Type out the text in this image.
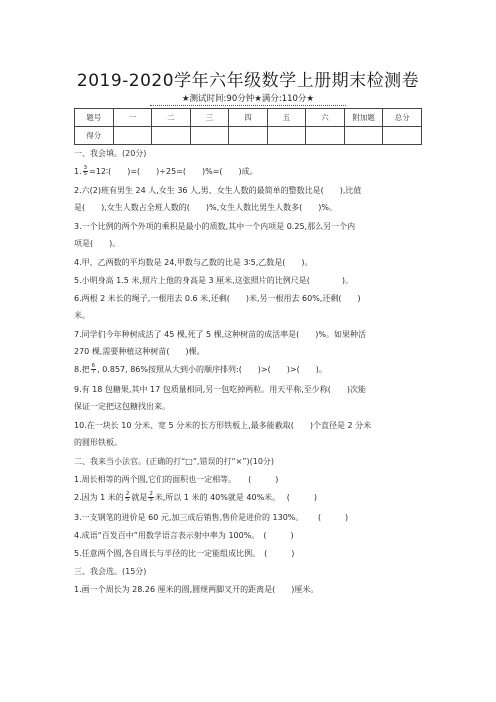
2019-2020学年六年级数学上册期末检测卷
★测试时间:90分钟★满分:110分★
题号	一	二	三	四	五	六	附加题	总分
得分								
一、我会填。(20分)
1. $\frac{3}{5}$ =12∶(　　)=(　　)÷25=(　　)%=(　　)成。
2.六(2)班有男生 24 人,女生 36 人,男、女生人数的最简单的整数比是(　　),比值
是(　　),女生人数占全班人数的(　　)%,女生人数比男生人数多(　　)%。
3.一个比例的两个外项的乘积是最小的质数,其中一个内项是 0.25,那么另一个内
项是(　　)。
4.甲、乙两数的平均数是 24,甲数与乙数的比是 3∶5,乙数是(　　)。
5.小明身高 1.5 米,照片上他的身高是 3 厘米,这张照片的比例尺是(　　　　)。
6.两根 2 米长的绳子,一根用去 0.6 米,还剩(　　)米,另一根用去 60%,还剩(　　)
米。
7.同学们今年种树成活了 45 棵,死了 5 棵,这种树苗的成活率是(　　)%。如果种活
270 棵,需要种植这种树苗(　　)棵。
8.把 $\frac{6}{7}$ , 0.857, 86%按照从大到小的顺序排列:(　　)>(　　)>(　　)。
9.有 18 包糖果,其中 17 包质量相同,另一包吃掉两粒。用天平称,至少称(　　)次能
保证一定把这包糖找出来。
10.在一块长 10 分米、宽 5 分米的长方形铁板上,最多能截取(　　)个直径是 2 分米
的圆形铁板。
二、我来当小法官。(正确的打“□”,错误的打“×”)(10分)
1.周长相等的两个圆,它们的面积也一定相等。　　(　　　)
2.因为 1 米的 $\frac{2}{5}$ 就是 $\frac{2}{5}$ 米,所以 1 米的 40%就是 40%米。　 (　　　)
3.一支钢笔的进价是 60 元,加三成后销售,售价是进价的 130%。　　 (　　　)
4.成语“百发百中”用数学语言表示射中率为 100%。　(　　　)
5.任意两个圆,各自周长与半径的比一定能组成比例。　(　　　)
三、我会选。(15分)
1.画一个周长为 28.26 厘米的圆,圆规两脚叉开的距离是(　　)厘米。
